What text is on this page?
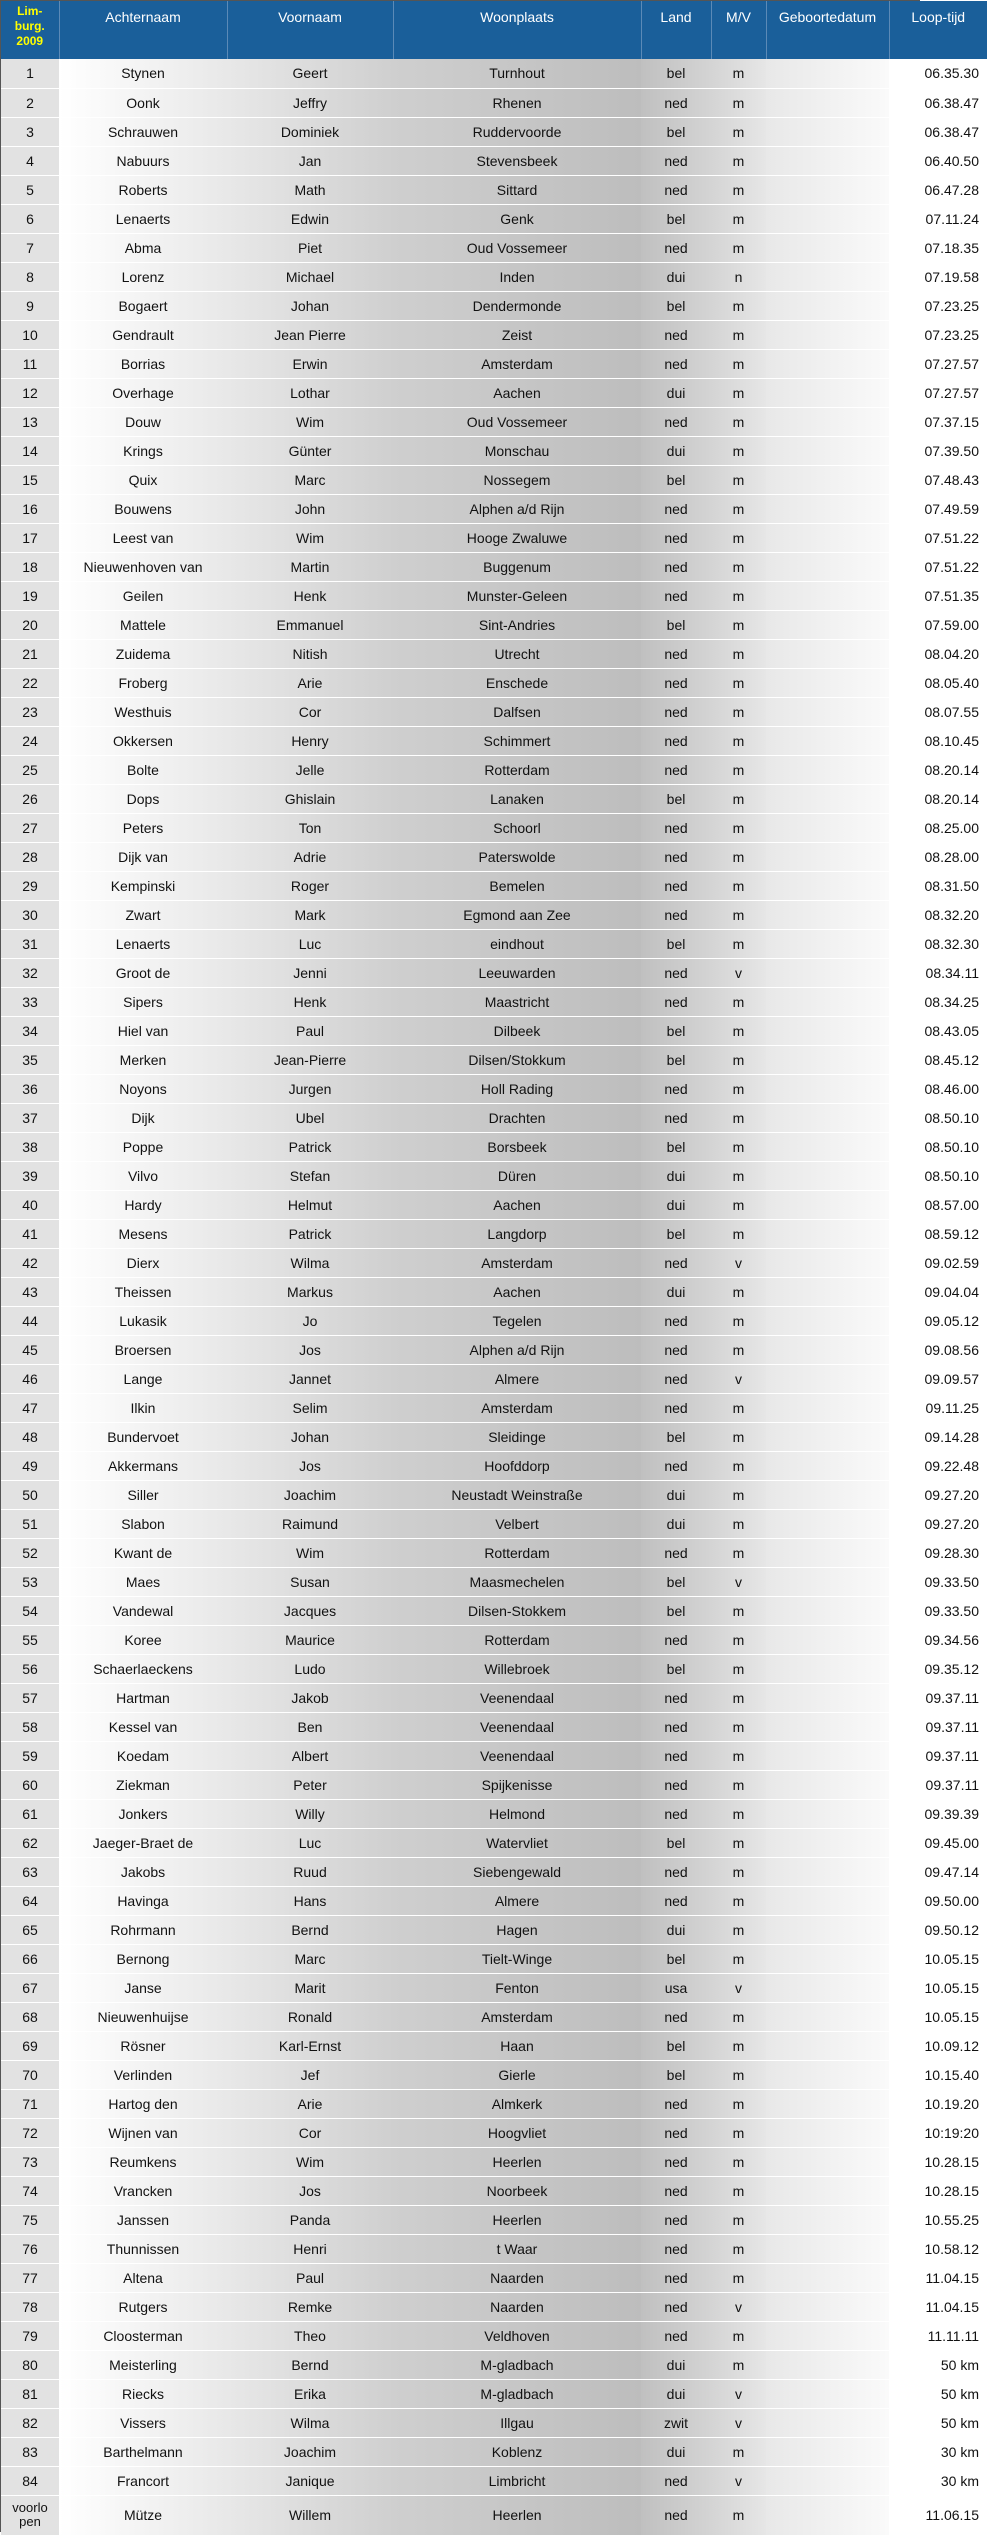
Lim-
burg.
2009	Achternaam	Voornaam	Woonplaats	Land	M/V	Geboortedatum	Loop-tijd
1	Stynen	Geert	Turnhout	bel	m		06.35.30
2	Oonk	Jeffry	Rhenen	ned	m		06.38.47
3	Schrauwen	Dominiek	Ruddervoorde	bel	m		06.38.47
4	Nabuurs	Jan	Stevensbeek	ned	m		06.40.50
5	Roberts	Math	Sittard	ned	m		06.47.28
6	Lenaerts	Edwin	Genk	bel	m		07.11.24
7	Abma	Piet	Oud Vossemeer	ned	m		07.18.35
8	Lorenz	Michael	Inden	dui	n		07.19.58
9	Bogaert	Johan	Dendermonde	bel	m		07.23.25
10	Gendrault	Jean Pierre	Zeist	ned	m		07.23.25
11	Borrias	Erwin	Amsterdam	ned	m		07.27.57
12	Overhage	Lothar	Aachen	dui	m		07.27.57
13	Douw	Wim	Oud Vossemeer	ned	m		07.37.15
14	Krings	Günter	Monschau	dui	m		07.39.50
15	Quix	Marc	Nossegem	bel	m		07.48.43
16	Bouwens	John	Alphen a/d Rijn	ned	m		07.49.59
17	Leest van	Wim	Hooge Zwaluwe	ned	m		07.51.22
18	Nieuwenhoven van	Martin	Buggenum	ned	m		07.51.22
19	Geilen	Henk	Munster-Geleen	ned	m		07.51.35
20	Mattele	Emmanuel	Sint-Andries	bel	m		07.59.00
21	Zuidema	Nitish	Utrecht	ned	m		08.04.20
22	Froberg	Arie	Enschede	ned	m		08.05.40
23	Westhuis	Cor	Dalfsen	ned	m		08.07.55
24	Okkersen	Henry	Schimmert	ned	m		08.10.45
25	Bolte	Jelle	Rotterdam	ned	m		08.20.14
26	Dops	Ghislain	Lanaken	bel	m		08.20.14
27	Peters	Ton	Schoorl	ned	m		08.25.00
28	Dijk van	Adrie	Paterswolde	ned	m		08.28.00
29	Kempinski	Roger	Bemelen	ned	m		08.31.50
30	Zwart	Mark	Egmond aan Zee	ned	m		08.32.20
31	Lenaerts	Luc	eindhout	bel	m		08.32.30
32	Groot de	Jenni	Leeuwarden	ned	v		08.34.11
33	Sipers	Henk	Maastricht	ned	m		08.34.25
34	Hiel van	Paul	Dilbeek	bel	m		08.43.05
35	Merken	Jean-Pierre	Dilsen/Stokkum	bel	m		08.45.12
36	Noyons	Jurgen	Holl Rading	ned	m		08.46.00
37	Dijk	Ubel	Drachten	ned	m		08.50.10
38	Poppe	Patrick	Borsbeek	bel	m		08.50.10
39	Vilvo	Stefan	Düren	dui	m		08.50.10
40	Hardy	Helmut	Aachen	dui	m		08.57.00
41	Mesens	Patrick	Langdorp	bel	m		08.59.12
42	Dierx	Wilma	Amsterdam	ned	v		09.02.59
43	Theissen	Markus	Aachen	dui	m		09.04.04
44	Lukasik	Jo	Tegelen	ned	m		09.05.12
45	Broersen	Jos	Alphen a/d Rijn	ned	m		09.08.56
46	Lange	Jannet	Almere	ned	v		09.09.57
47	Ilkin	Selim	Amsterdam	ned	m		09.11.25
48	Bundervoet	Johan	Sleidinge	bel	m		09.14.28
49	Akkermans	Jos	Hoofddorp	ned	m		09.22.48
50	Siller	Joachim	Neustadt Weinstraße	dui	m		09.27.20
51	Slabon	Raimund	Velbert	dui	m		09.27.20
52	Kwant de	Wim	Rotterdam	ned	m		09.28.30
53	Maes	Susan	Maasmechelen	bel	v		09.33.50
54	Vandewal	Jacques	Dilsen-Stokkem	bel	m		09.33.50
55	Koree	Maurice	Rotterdam	ned	m		09.34.56
56	Schaerlaeckens	Ludo	Willebroek	bel	m		09.35.12
57	Hartman	Jakob	Veenendaal	ned	m		09.37.11
58	Kessel van	Ben	Veenendaal	ned	m		09.37.11
59	Koedam	Albert	Veenendaal	ned	m		09.37.11
60	Ziekman	Peter	Spijkenisse	ned	m		09.37.11
61	Jonkers	Willy	Helmond	ned	m		09.39.39
62	Jaeger-Braet de	Luc	Watervliet	bel	m		09.45.00
63	Jakobs	Ruud	Siebengewald	ned	m		09.47.14
64	Havinga	Hans	Almere	ned	m		09.50.00
65	Rohrmann	Bernd	Hagen	dui	m		09.50.12
66	Bernong	Marc	Tielt-Winge	bel	m		10.05.15
67	Janse	Marit	Fenton	usa	v		10.05.15
68	Nieuwenhuijse	Ronald	Amsterdam	ned	m		10.05.15
69	Rösner	Karl-Ernst	Haan	bel	m		10.09.12
70	Verlinden	Jef	Gierle	bel	m		10.15.40
71	Hartog den	Arie	Almkerk	ned	m		10.19.20
72	Wijnen van	Cor	Hoogvliet	ned	m		10:19:20
73	Reumkens	Wim	Heerlen	ned	m		10.28.15
74	Vrancken	Jos	Noorbeek	ned	m		10.28.15
75	Janssen	Panda	Heerlen	ned	m		10.55.25
76	Thunnissen	Henri	t Waar	ned	m		10.58.12
77	Altena	Paul	Naarden	ned	m		11.04.15
78	Rutgers	Remke	Naarden	ned	v		11.04.15
79	Cloosterman	Theo	Veldhoven	ned	m		11.11.11
80	Meisterling	Bernd	M-gladbach	dui	m		50 km
81	Riecks	Erika	M-gladbach	dui	v		50 km
82	Vissers	Wilma	Illgau	zwit	v		50 km
83	Barthelmann	Joachim	Koblenz	dui	m		30 km
84	Francort	Janique	Limbricht	ned	v		30 km
voorlo pen	Mütze	Willem	Heerlen	ned	m		11.06.15
